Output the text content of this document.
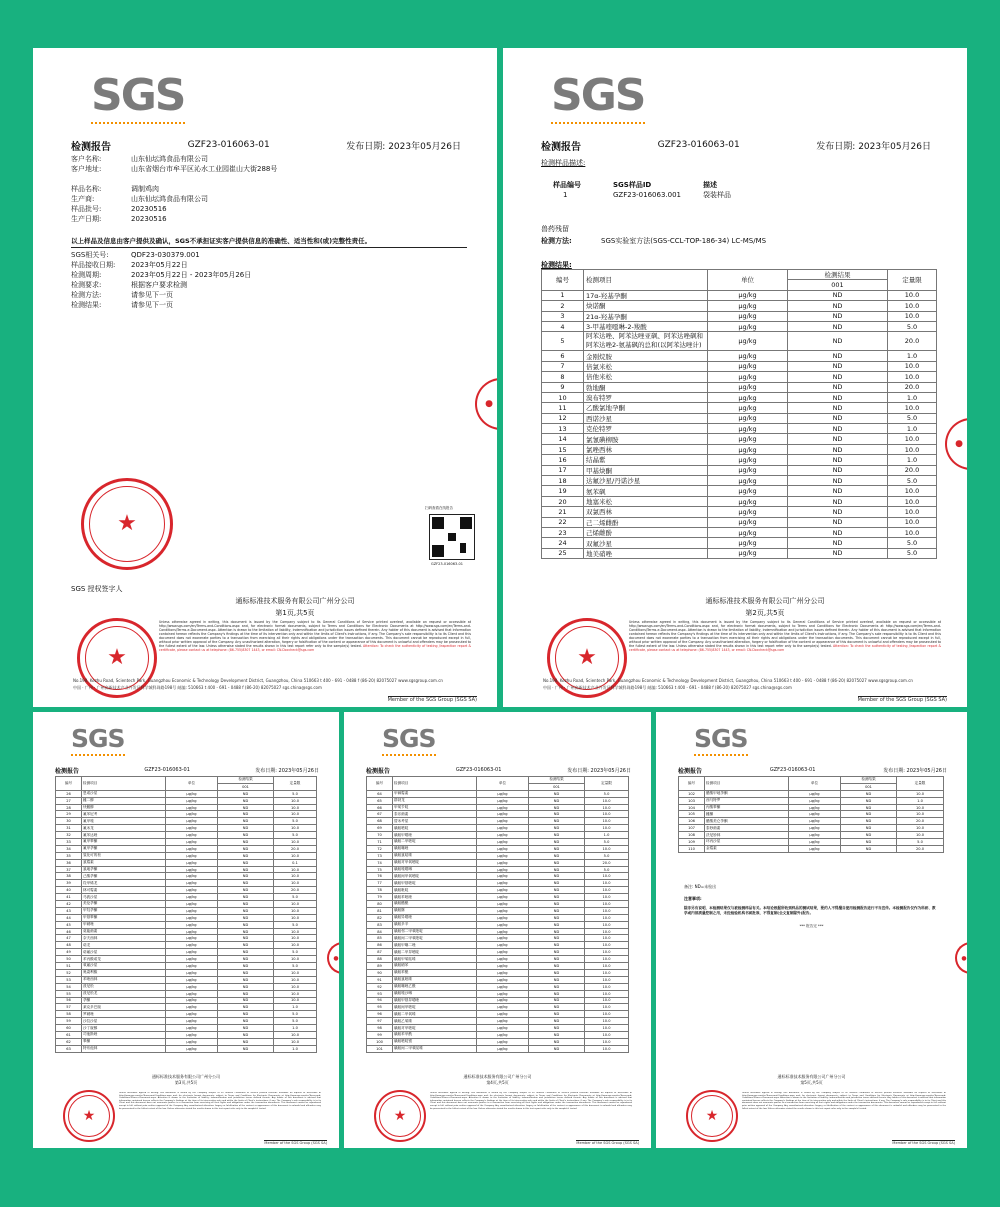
SGS
检测报告	GZF23-016063-01	发布日期: 2023年05月26日
客户名称:	山东仙坛鸿食品有限公司
客户地址:	山东省烟台市牟平区沁水工业园崔山大街288号
样品名称:	调制鸡肉
生产商:	山东仙坛鸿食品有限公司
样品批号:	20230516
生产日期:	20230516
以上样品及信息由客户提供及确认，SGS不承担证实客户提供信息的准确性、适当性和(或)完整性责任。
SGS相关号:	QDF23-030379.001
样品接收日期:	2023年05月22日
检测周期:	2023年05月22日 - 2023年05月26日
检测要求:	根据客户要求检测
检测方法:	请参见下一页
检测结果:	请参见下一页
★
扫码查看在线报告
GZF23-016063-01
SGS 授权签字人
通标标准技术服务有限公司广州分公司
第1页,共5页
★
Unless otherwise agreed in writing, this document is issued by the Company subject to its General Conditions of Service printed overleaf, available on request or accessible at http://www.sgs.com/en/Terms-and-Conditions.aspx and, for electronic format documents, subject to Terms and Conditions for Electronic Documents at http://www.sgs.com/en/Terms-and-Conditions/Terms-e-Document.aspx. Attention is drawn to the limitation of liability, indemnification and jurisdiction issues defined therein. Any holder of this document is advised that information contained hereon reflects the Company's findings at the time of its intervention only and within the limits of Client's instructions, if any. The Company's sole responsibility is to its Client and this document does not exonerate parties to a transaction from exercising all their rights and obligations under the transaction documents. This document cannot be reproduced except in full, without prior written approval of the Company. Any unauthorized alteration, forgery or falsification of the content or appearance of this document is unlawful and offenders may be prosecuted to the fullest extent of the law. Unless otherwise stated the results shown in this test report refer only to the sample(s) tested. Attention: To check the authenticity of testing /inspection report & certificate, please contact us at telephone: (86-755)8307 1443, or email: CN.Doccheck@sgs.com
No.198, Kezhu Road, Scientech Park, Guangzhou Economic & Technology Development District, Guangzhou, China 510663 t 400 - 691 - 0488 f (86-20) 82075027 www.sgsgroup.com.cn
中国 · 广州 · 广州高新技术产业开发区科学城科珠路198号 邮编: 510663 t 400 - 691 - 0488 f (86-20) 82075027 sgs.china@sgs.com
Member of the SGS Group (SGS SA)
●
SGS
检测报告	GZF23-016063-01	发布日期: 2023年05月26日
检测样品描述:
样品编号	SGS样品ID	描述
1	GZF23-016063.001	袋装样品
兽药残留
检测方法:	SGS实验室方法(SGS-CCL-TOP-186-34) LC-MS/MS
检测结果:
编号	检测项目	单位	检测结果	定量限
			001	
1	17α-羟基孕酮	μg/kg	ND	10.0
2	炔诺酮	μg/kg	ND	10.0
3	21α-羟基孕酮	μg/kg	ND	10.0
4	3-甲基喹噁啉-2-羧酸	μg/kg	ND	5.0
5	阿苯达唑、阿苯达唑亚砜、阿苯达唑砜和阿苯达唑2-氨基砜的总和(以阿苯达唑计)	μg/kg	ND	20.0
6	金刚烷胺	μg/kg	ND	1.0
7	倍氯米松	μg/kg	ND	10.0
8	倍他米松	μg/kg	ND	10.0
9	勃地酮	μg/kg	ND	20.0
10	溴布特罗	μg/kg	ND	1.0
11	乙酸氯地孕酮	μg/kg	ND	10.0
12	西诺沙星	μg/kg	ND	5.0
13	克伦特罗	μg/kg	ND	1.0
14	氯氰碘柳胺	μg/kg	ND	10.0
15	氯唑西林	μg/kg	ND	10.0
16	结晶紫	μg/kg	ND	1.0
17	甲基炔酮	μg/kg	ND	20.0
18	达氟沙星/丹诺沙星	μg/kg	ND	5.0
19	氨苯砜	μg/kg	ND	10.0
20	地塞米松	μg/kg	ND	10.0
21	双氯西林	μg/kg	ND	10.0
22	己二烯雌酚	μg/kg	ND	10.0
23	己烯雌酚	μg/kg	ND	10.0
24	双氟沙星	μg/kg	ND	5.0
25	地美硝唑	μg/kg	ND	5.0
通标标准技术服务有限公司广州分公司
第2页,共5页
★
Unless otherwise agreed in writing, this document is issued by the Company subject to its General Conditions of Service printed overleaf, available on request or accessible at http://www.sgs.com/en/Terms-and-Conditions.aspx and, for electronic format documents, subject to Terms and Conditions for Electronic Documents at http://www.sgs.com/en/Terms-and-Conditions/Terms-e-Document.aspx. Attention is drawn to the limitation of liability, indemnification and jurisdiction issues defined therein. Any holder of this document is advised that information contained hereon reflects the Company's findings at the time of its intervention only and within the limits of Client's instructions, if any. The Company's sole responsibility is to its Client and this document does not exonerate parties to a transaction from exercising all their rights and obligations under the transaction documents. This document cannot be reproduced except in full, without prior written approval of the Company. Any unauthorized alteration, forgery or falsification of the content or appearance of this document is unlawful and offenders may be prosecuted to the fullest extent of the law. Unless otherwise stated the results shown in this test report refer only to the sample(s) tested. Attention: To check the authenticity of testing /inspection report & certificate, please contact us at telephone: (86-755)8307 1443, or email: CN.Doccheck@sgs.com
No.198, Kezhu Road, Scientech Park, Guangzhou Economic & Technology Development District, Guangzhou, China 510663 t 400 - 691 - 0488 f (86-20) 82075027 www.sgsgroup.com.cn
中国 · 广州 · 广州高新技术产业开发区科学城科珠路198号 邮编: 510663 t 400 - 691 - 0488 f (86-20) 82075027 sgs.china@sgs.com
Member of the SGS Group (SGS SA)
●
SGS
检测报告	GZF23-016063-01	发布日期: 2023年05月26日
编号	检测项目	单位	检测结果	定量限
			001	
26	恩诺沙星	μg/kg	ND	5.0
27	雌二醇	μg/kg	ND	10.0
28	炔雌醇	μg/kg	ND	10.0
29	氟苯尼考	μg/kg	ND	10.0
30	氟甲喹	μg/kg	ND	5.0
31	氟米龙	μg/kg	ND	10.0
32	氟苯达唑	μg/kg	ND	5.0
33	氟甲睾酮	μg/kg	ND	10.0
34	氟甲孕酮	μg/kg	ND	20.0
35	氢化可的松	μg/kg	ND	10.0
36	氯霉素	μg/kg	ND	0.1
37	氯地孕酮	μg/kg	ND	10.0
38	己酸孕酮	μg/kg	ND	10.0
39	羟甲烯龙	μg/kg	ND	10.0
40	林可霉素	μg/kg	ND	20.0
41	马波沙星	μg/kg	ND	5.0
42	美伦孕酮	μg/kg	ND	10.0
43	甲羟孕酮	μg/kg	ND	10.0
44	甲基睾酮	μg/kg	ND	10.0
45	甲硝唑	μg/kg	ND	5.0
46	莫能菌素	μg/kg	ND	10.0
47	奈夫西林	μg/kg	ND	10.0
48	诺龙	μg/kg	ND	10.0
49	诺氟沙星	μg/kg	ND	5.0
50	苯丙酸诺龙	μg/kg	ND	10.0
51	氧氟沙星	μg/kg	ND	5.0
52	奥索利酸	μg/kg	ND	10.0
53	苯唑西林	μg/kg	ND	10.0
54	泼尼松	μg/kg	ND	10.0
55	泼尼松龙	μg/kg	ND	10.0
56	孕酮	μg/kg	ND	10.0
57	莱克多巴胺	μg/kg	ND	1.0
58	罗硝唑	μg/kg	ND	5.0
59	沙拉沙星	μg/kg	ND	5.0
60	沙丁胺醇	μg/kg	ND	1.0
61	司他斯唑	μg/kg	ND	10.0
62	睾酮	μg/kg	ND	10.0
63	特布他林	μg/kg	ND	1.0
通标标准技术服务有限公司广州分公司
第3页,共5页
★
Unless otherwise agreed in writing, this document is issued by the Company subject to its General Conditions of Service printed overleaf, available on request or accessible at http://www.sgs.com/en/Terms-and-Conditions.aspx and, for electronic format documents, subject to Terms and Conditions for Electronic Documents at http://www.sgs.com/en/Terms-and-Conditions/Terms-e-Document.aspx. Attention is drawn to the limitation of liability, indemnification and jurisdiction issues defined therein. Any holder of this document is advised that information contained hereon reflects the Company's findings at the time of its intervention only and within the limits of Client's instructions, if any. The Company's sole responsibility is to its Client and this document does not exonerate parties to a transaction from exercising all their rights and obligations under the transaction documents. This document cannot be reproduced except in full, without prior written approval of the Company. Any unauthorized alteration, forgery or falsification of the content or appearance of this document is unlawful and offenders may be prosecuted to the fullest extent of the law. Unless otherwise stated the results shown in this test report refer only to the sample(s) tested.
Member of the SGS Group (SGS SA)
●
SGS
检测报告	GZF23-016063-01	发布日期: 2023年05月26日
编号	检测项目	单位	检测结果	定量限
			001	
64	甲砜霉素	μg/kg	ND	5.0
65	群勃龙	μg/kg	ND	10.0
66	甲氧苄啶	μg/kg	ND	10.0
67	泰乐菌素	μg/kg	ND	10.0
68	替米考星	μg/kg	ND	10.0
69	磺胺嘧啶	μg/kg	ND	10.0
70	磺胺甲噁唑	μg/kg	ND	1.0
71	磺胺二甲嘧啶	μg/kg	ND	5.0
72	磺胺噻唑	μg/kg	ND	10.0
73	磺胺氯哒嗪	μg/kg	ND	5.0
74	磺胺对甲氧嘧啶	μg/kg	ND	20.0
75	磺胺喹噁啉	μg/kg	ND	5.0
76	磺胺间甲氧嘧啶	μg/kg	ND	10.0
77	磺胺甲基嘧啶	μg/kg	ND	10.0
78	磺胺吡啶	μg/kg	ND	10.0
79	磺胺苯吡唑	μg/kg	ND	10.0
80	磺胺醋酰	μg/kg	ND	10.0
81	磺胺脒	μg/kg	ND	10.0
82	磺胺异噁唑	μg/kg	ND	10.0
83	磺胺多辛	μg/kg	ND	10.0
84	磺胺邻二甲氧嘧啶	μg/kg	ND	10.0
85	磺胺间二甲氧嘧啶	μg/kg	ND	10.0
86	磺胺甲噻二唑	μg/kg	ND	10.0
87	磺胺二甲异嘧啶	μg/kg	ND	10.0
88	磺胺甲氧哒嗪	μg/kg	ND	10.0
89	磺胺硝苯	μg/kg	ND	10.0
90	磺胺苯酰	μg/kg	ND	10.0
91	磺胺氯吡嗪	μg/kg	ND	10.0
92	磺胺噻唑乙酰	μg/kg	ND	10.0
93	磺胺喹沙啉	μg/kg	ND	10.0
94	磺胺甲基异噁唑	μg/kg	ND	10.0
95	磺胺间甲嘧啶	μg/kg	ND	10.0
96	磺胺二甲氧嗪	μg/kg	ND	10.0
97	磺胺乙氧嗪	μg/kg	ND	10.0
98	磺胺对甲嘧啶	μg/kg	ND	10.0
99	磺胺苯甲酰	μg/kg	ND	10.0
100	磺胺嘧啶银	μg/kg	ND	10.0
101	磺胺间二甲氧哒嗪	μg/kg	ND	10.0
通标标准技术服务有限公司广州分公司
第4页,共5页
★
Unless otherwise agreed in writing, this document is issued by the Company subject to its General Conditions of Service printed overleaf, available on request or accessible at http://www.sgs.com/en/Terms-and-Conditions.aspx and, for electronic format documents, subject to Terms and Conditions for Electronic Documents at http://www.sgs.com/en/Terms-and-Conditions/Terms-e-Document.aspx. Attention is drawn to the limitation of liability, indemnification and jurisdiction issues defined therein. Any holder of this document is advised that information contained hereon reflects the Company's findings at the time of its intervention only and within the limits of Client's instructions, if any. The Company's sole responsibility is to its Client and this document does not exonerate parties to a transaction from exercising all their rights and obligations under the transaction documents. This document cannot be reproduced except in full, without prior written approval of the Company. Any unauthorized alteration, forgery or falsification of the content or appearance of this document is unlawful and offenders may be prosecuted to the fullest extent of the law. Unless otherwise stated the results shown in this test report refer only to the sample(s) tested.
Member of the SGS Group (SGS SA)
SGS
检测报告	GZF23-016063-01	发布日期: 2023年05月26日
编号	检测项目	单位	检测结果	定量限
			001	
102	醋酸甲地孕酮	μg/kg	ND	10.0
103	西马特罗	μg/kg	ND	1.0
104	丙酸睾酮	μg/kg	ND	10.0
105	雌酮	μg/kg	ND	10.0
106	醋酸美仑孕酮	μg/kg	ND	20.0
107	泰妙菌素	μg/kg	ND	10.0
108	沃尼妙林	μg/kg	ND	10.0
109	环丙沙星	μg/kg	ND	5.0
110	金霉素	μg/kg	ND	20.0
备注: ND=未检出
注意事项:
除非另有说明，本检测结果仅与被检测样品有关。本结论根据所收到样品的测试结果，要约人不得擅自使用检测报告进行不当宣传。本检测报告仅作为科研、教学或内部质量控制之用，未经检验机构书面批准，不得复制(全文复制除外)报告。
*** 报告完 ***
通标标准技术服务有限公司广州分公司
第5页,共5页
★
Unless otherwise agreed in writing, this document is issued by the Company subject to its General Conditions of Service printed overleaf, available on request or accessible at http://www.sgs.com/en/Terms-and-Conditions.aspx and, for electronic format documents, subject to Terms and Conditions for Electronic Documents at http://www.sgs.com/en/Terms-and-Conditions/Terms-e-Document.aspx. Attention is drawn to the limitation of liability, indemnification and jurisdiction issues defined therein. Any holder of this document is advised that information contained hereon reflects the Company's findings at the time of its intervention only and within the limits of Client's instructions, if any. The Company's sole responsibility is to its Client and this document does not exonerate parties to a transaction from exercising all their rights and obligations under the transaction documents. This document cannot be reproduced except in full, without prior written approval of the Company. Any unauthorized alteration, forgery or falsification of the content or appearance of this document is unlawful and offenders may be prosecuted to the fullest extent of the law. Unless otherwise stated the results shown in this test report refer only to the sample(s) tested.
Member of the SGS Group (SGS SA)
●
